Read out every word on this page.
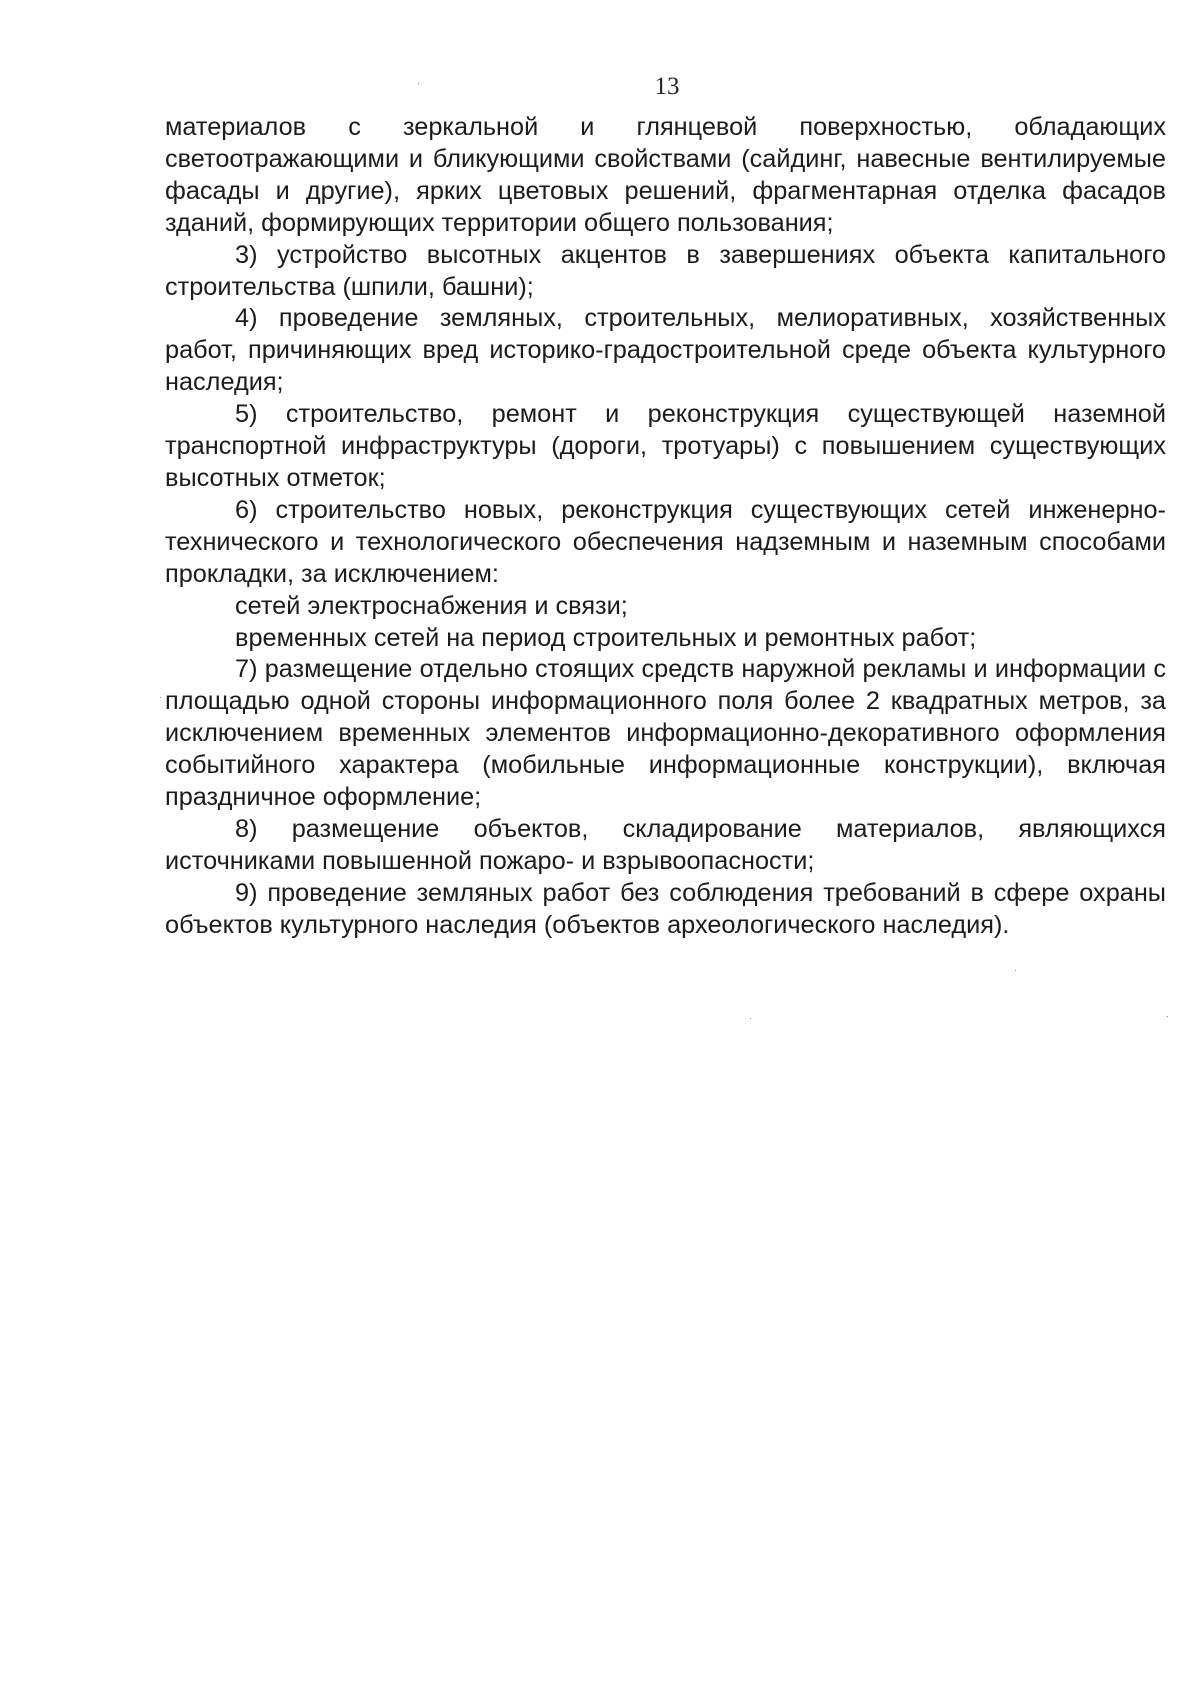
13

материалов с зеркальной и глянцевой поверхностью, обладающих светоотражающими и бликующими свойствами (сайдинг, навесные вентилируемые фасады и другие), ярких цветовых решений, фрагментарная отделка фасадов зданий, формирующих территории общего пользования;

3) устройство высотных акцентов в завершениях объекта капитального строительства (шпили, башни);

4) проведение земляных, строительных, мелиоративных, хозяйственных работ, причиняющих вред историко-градостроительной среде объекта культурного наследия;

5) строительство, ремонт и реконструкция существующей наземной транспортной инфраструктуры (дороги, тротуары) с повышением существующих высотных отметок;

6) строительство новых, реконструкция существующих сетей инженерно-технического и технологического обеспечения надземным и наземным способами прокладки, за исключением:

сетей электроснабжения и связи;

временных сетей на период строительных и ремонтных работ;

7) размещение отдельно стоящих средств наружной рекламы и информации с площадью одной стороны информационного поля более 2 квадратных метров, за исключением временных элементов информационно-декоративного оформления событийного характера (мобильные информационные конструкции), включая праздничное оформление;

8) размещение объектов, складирование материалов, являющихся источниками повышенной пожаро- и взрывоопасности;

9) проведение земляных работ без соблюдения требований в сфере охраны объектов культурного наследия (объектов археологического наследия).
